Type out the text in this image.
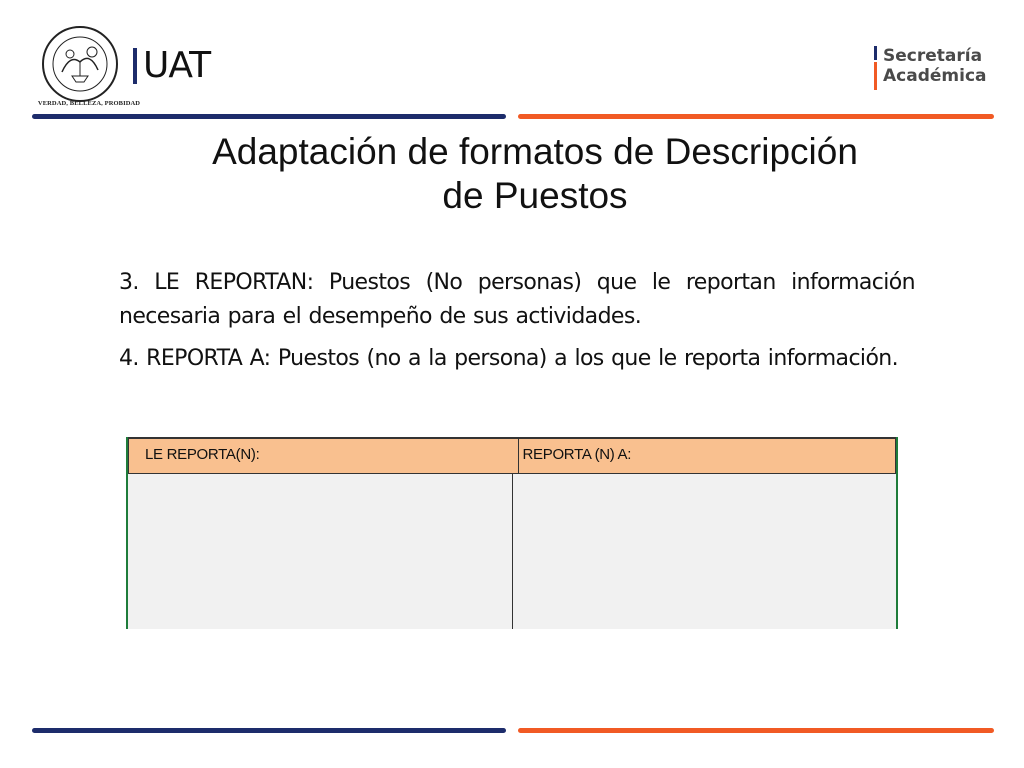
VERDAD, BELLEZA, PROBIDAD
UAT	Secretaría
Académica
Adaptación de formatos de Descripción
de Puestos

3. LE REPORTAN: Puestos (No personas) que le reportan información necesaria para el desempeño de sus actividades.

4. REPORTA A: Puestos (no a la persona) a los que le reporta información.

LE REPORTA(N):	REPORTA (N) A:
